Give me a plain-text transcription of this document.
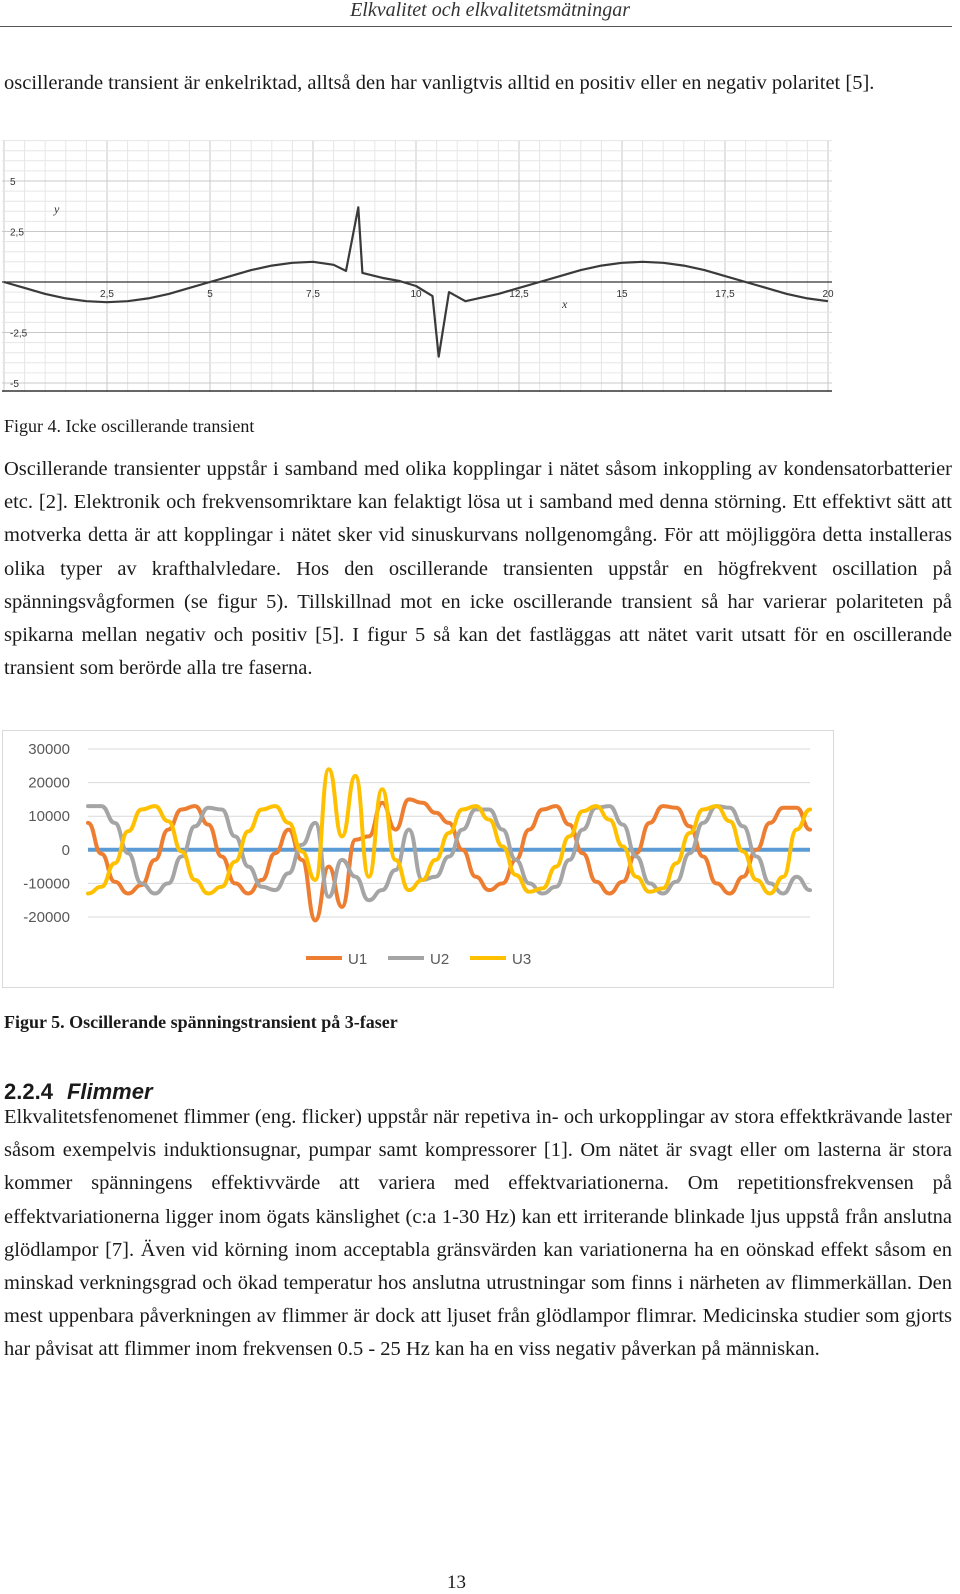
Elkvalitet och elkvalitetsmätningar

oscillerande transient är enkelriktad, alltså den har vanligtvis alltid en positiv eller en negativ polaritet [5].

2,5	5	7,5	10	12,5	15	17,5	20
5
2,5
-2,5
-5
y
x
Figur 4. Icke oscillerande transient

Oscillerande transienter uppstår i samband med olika kopplingar i nätet såsom inkoppling av kondensatorbatterier etc. [2]. Elektronik och frekvensomriktare kan felaktigt lösa ut i samband med denna störning. Ett effektivt sätt att motverka detta är att kopplingar i nätet sker vid sinuskurvans nollgenomgång. För att möjliggöra detta installeras olika typer av krafthalvledare. Hos den oscillerande transienten uppstår en högfrekvent oscillation på spänningsvågformen (se figur 5). Tillskillnad mot en icke oscillerande transient så har varierar polariteten på spikarna mellan negativ och positiv [5]. I figur 5 så kan det fastläggas att nätet varit utsatt för en oscillerande transient som berörde alla tre faserna.

30000
20000
10000
0
-10000
-20000
U1	U2	U3
Figur 5. Oscillerande spänningstransient på 3-faser
2.2.4 Flimmer

Elkvalitetsfenomenet flimmer (eng. flicker) uppstår när repetiva in- och urkopplingar av stora effektkrävande laster såsom exempelvis induktionsugnar, pumpar samt kompressorer [1]. Om nätet är svagt eller om lasterna är stora kommer spänningens effektivvärde att variera med effektvariationerna. Om repetitionsfrekvensen på effektvariationerna ligger inom ögats känslighet (c:a 1-30 Hz) kan ett irriterande blinkade ljus uppstå från anslutna glödlampor [7]. Även vid körning inom acceptabla gränsvärden kan variationerna ha en oönskad effekt såsom en minskad verkningsgrad och ökad temperatur hos anslutna utrustningar som finns i närheten av flimmerkällan. Den mest uppenbara påverkningen av flimmer är dock att ljuset från glödlampor flimrar. Medicinska studier som gjorts har påvisat att flimmer inom frekvensen 0.5 - 25 Hz kan ha en viss negativ påverkan på människan.

13
